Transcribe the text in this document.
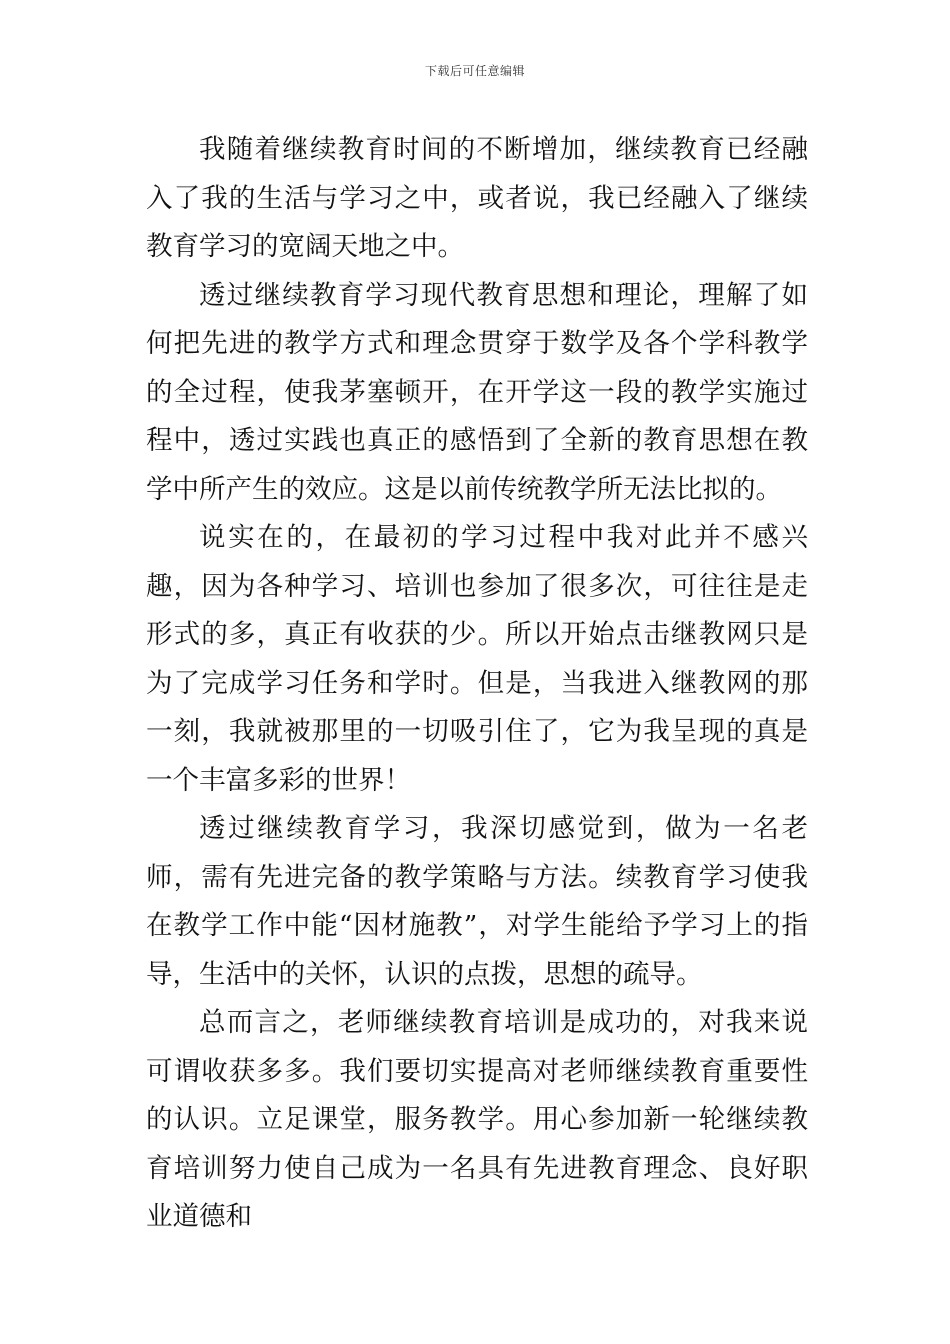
下载后可任意编辑

我随着继续教育时间的不断增加，继续教育已经融入了我的生活与学习之中，或者说，我已经融入了继续教育学习的宽阔天地之中。

透过继续教育学习现代教育思想和理论，理解了如何把先进的教学方式和理念贯穿于数学及各个学科教学的全过程，使我茅塞顿开，在开学这一段的教学实施过程中，透过实践也真正的感悟到了全新的教育思想在教学中所产生的效应。这是以前传统教学所无法比拟的。

说实在的，在最初的学习过程中我对此并不感兴趣，因为各种学习、培训也参加了很多次，可往往是走形式的多，真正有收获的少。所以开始点击继教网只是为了完成学习任务和学时。但是，当我进入继教网的那一刻，我就被那里的一切吸引住了，它为我呈现的真是一个丰富多彩的世界！

透过继续教育学习，我深切感觉到，做为一名老师，需有先进完备的教学策略与方法。续教育学习使我在教学工作中能“因材施教”，对学生能给予学习上的指导，生活中的关怀，认识的点拨，思想的疏导。

总而言之，老师继续教育培训是成功的，对我来说可谓收获多多。我们要切实提高对老师继续教育重要性的认识。立足课堂，服务教学。用心参加新一轮继续教育培训努力使自己成为一名具有先进教育理念、良好职业道德和
